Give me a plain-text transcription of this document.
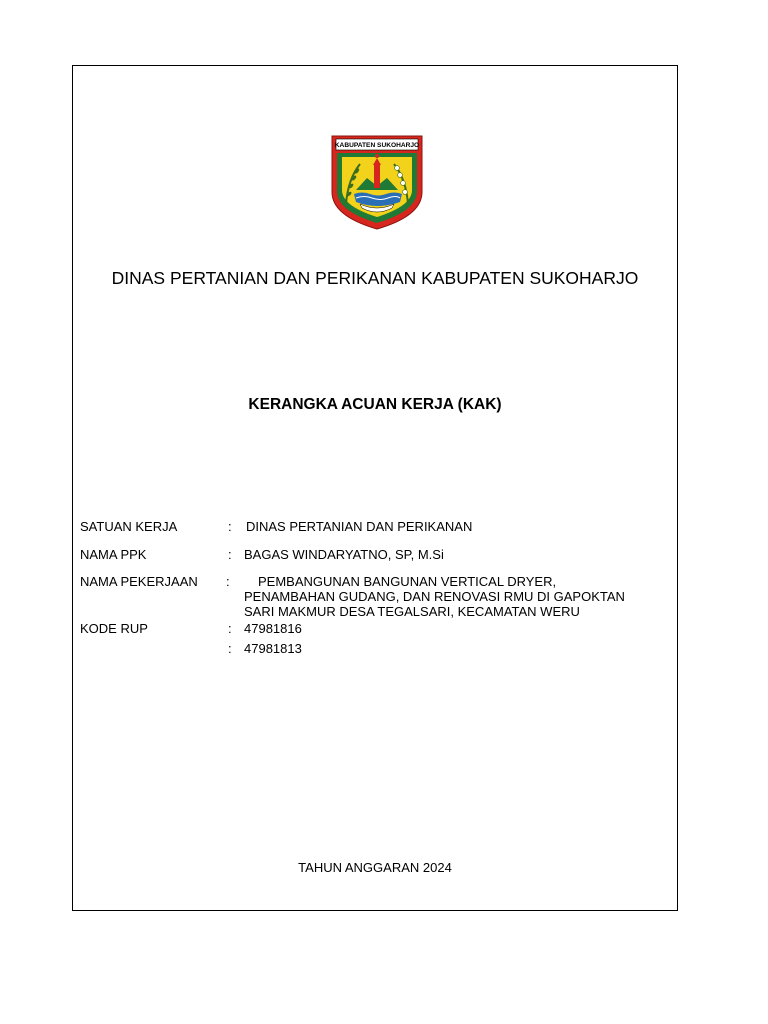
KABUPATEN SUKOHARJO
DINAS PERTANIAN DAN PERIKANAN KABUPATEN SUKOHARJO
KERANGKA ACUAN KERJA (KAK)
SATUAN KERJA	: DINAS PERTANIAN DAN PERIKANAN
NAMA PPK	: BAGAS WINDARYATNO, SP, M.Si
NAMA PEKERJAAN : PEMBANGUNAN BANGUNAN VERTICAL DRYER,
PENAMBAHAN GUDANG, DAN RENOVASI RMU DI GAPOKTAN
SARI MAKMUR DESA TEGALSARI, KECAMATAN WERU
KODE RUP	: 47981816
: 47981813
TAHUN ANGGARAN 2024
